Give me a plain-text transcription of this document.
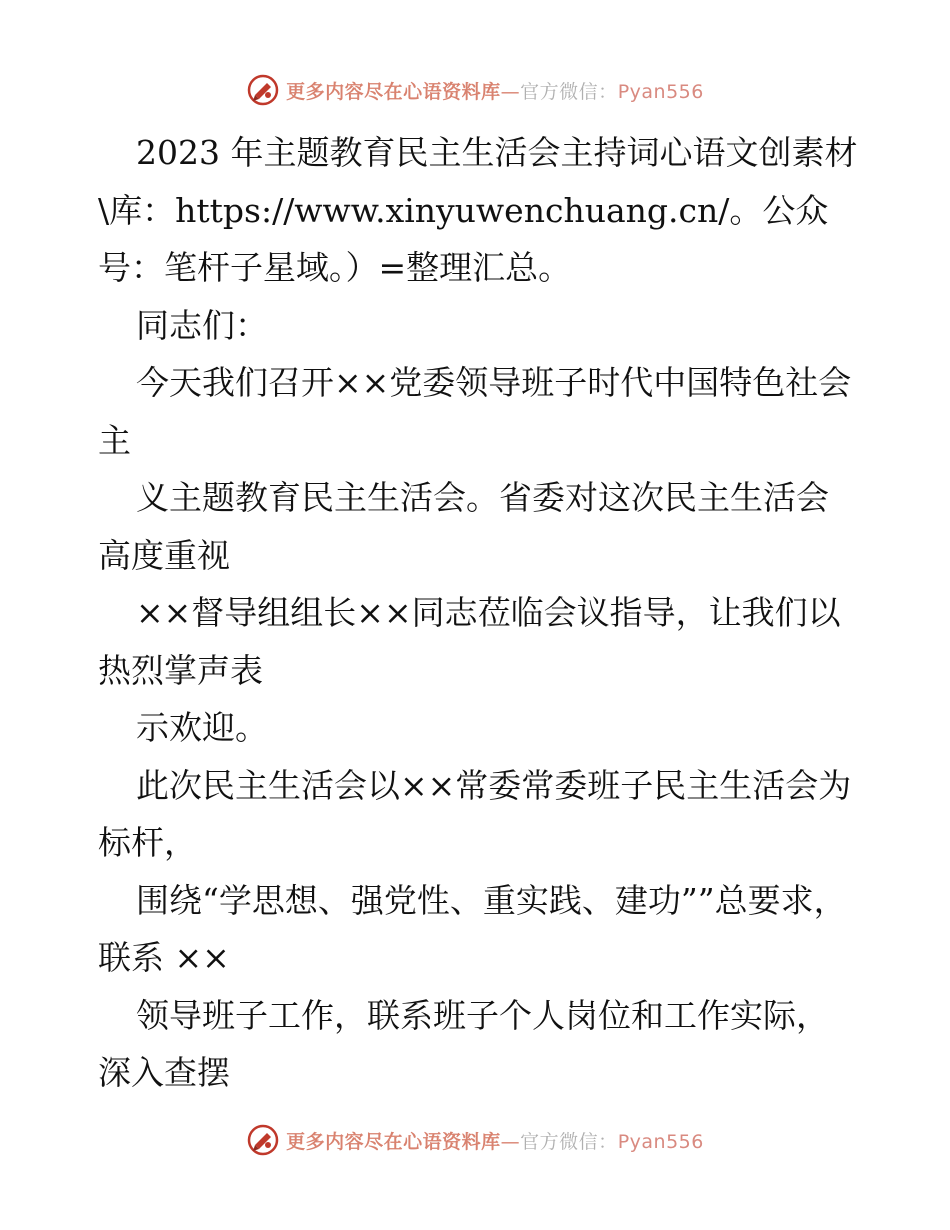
更多内容尽在心语资料库—官方微信：Pyan556

2023 年主题教育民主生活会主持词心语文创素材\库：https://www.xinyuwenchuang.cn/。公众号：笔杆子星域。）=整理汇总。

同志们：

今天我们召开××党委领导班子时代中国特色社会主

义主题教育民主生活会。省委对这次民主生活会高度重视

××督导组组长××同志莅临会议指导，让我们以热烈掌声表

示欢迎。

此次民主生活会以××常委常委班子民主生活会为标杆，

围绕“学思想、强党性、重实践、建功””总要求，联系 ××

领导班子工作，联系班子个人岗位和工作实际，深入查摆

更多内容尽在心语资料库—官方微信：Pyan556
